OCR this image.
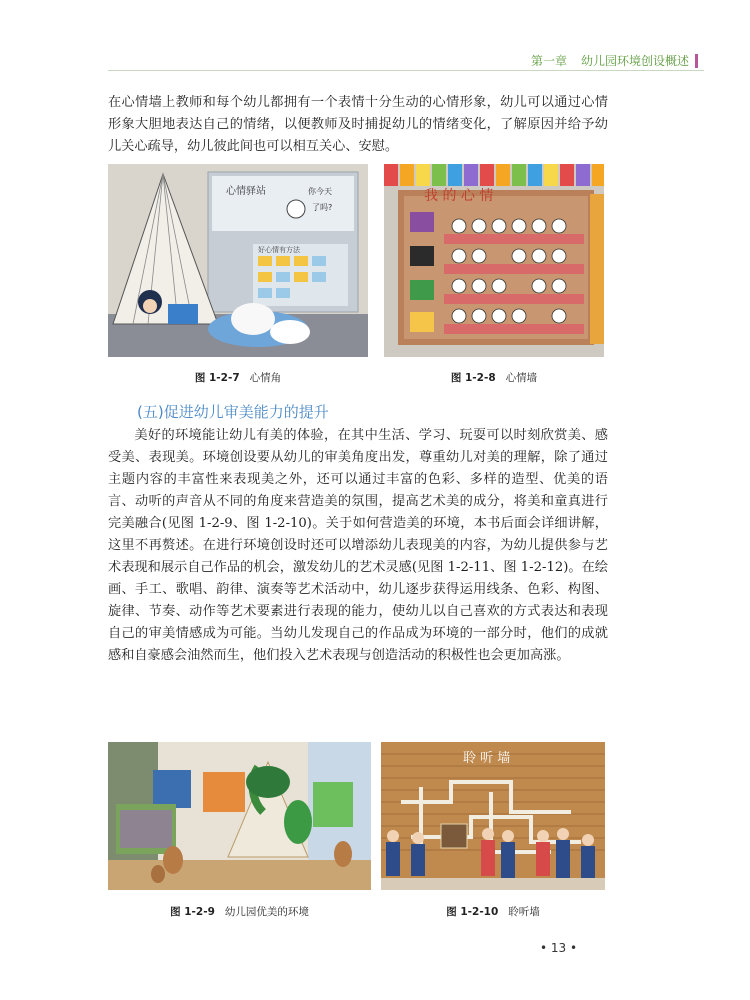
第一章 幼儿园环境创设概述

在心情墙上教师和每个幼儿都拥有一个表情十分生动的心情形象，幼儿可以通过心情形象大胆地表达自己的情绪，以便教师及时捕捉幼儿的情绪变化，了解原因并给予幼儿关心疏导，幼儿彼此间也可以相互关心、安慰。

心情驿站	你今天
了吗?
好心情有方法
图 1-2-7 心情角
我 的 心 情
图 1-2-8 心情墙

(五)促进幼儿审美能力的提升

美好的环境能让幼儿有美的体验，在其中生活、学习、玩耍可以时刻欣赏美、感受美、表现美。环境创设要从幼儿的审美角度出发，尊重幼儿对美的理解，除了通过主题内容的丰富性来表现美之外，还可以通过丰富的色彩、多样的造型、优美的语言、动听的声音从不同的角度来营造美的氛围，提高艺术美的成分，将美和童真进行完美融合(见图 1-2-9、图 1-2-10)。关于如何营造美的环境，本书后面会详细讲解，这里不再赘述。在进行环境创设时还可以增添幼儿表现美的内容，为幼儿提供参与艺术表现和展示自己作品的机会，激发幼儿的艺术灵感(见图 1-2-11、图 1-2-12)。在绘画、手工、歌唱、韵律、演奏等艺术活动中，幼儿逐步获得运用线条、色彩、构图、旋律、节奏、动作等艺术要素进行表现的能力，使幼儿以自己喜欢的方式表达和表现自己的审美情感成为可能。当幼儿发现自己的作品成为环境的一部分时，他们的成就感和自豪感会油然而生，他们投入艺术表现与创造活动的积极性也会更加高涨。

图 1-2-9 幼儿园优美的环境
聆 听 墙
图 1-2-10 聆听墙
• 13 •
